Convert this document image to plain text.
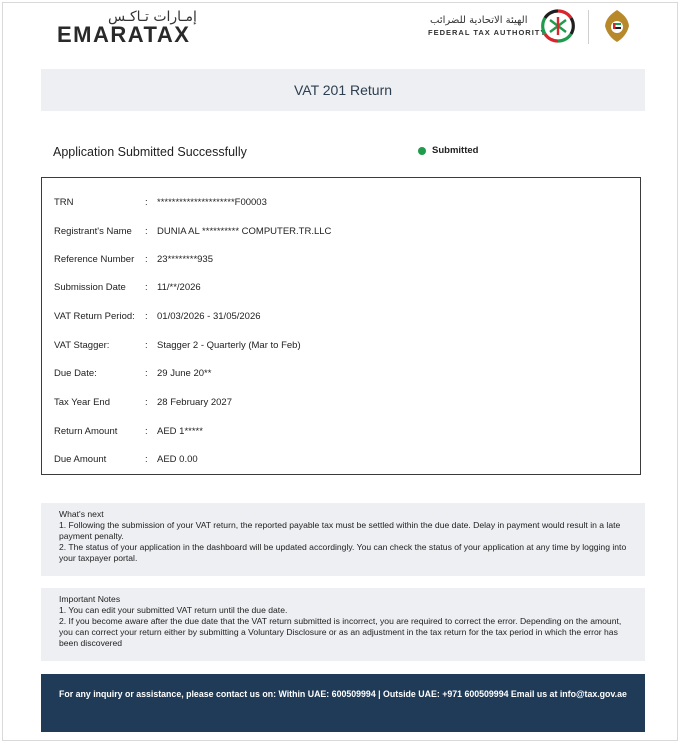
إمـارات تـاكـس
EMARATAX
الهيئة الاتحادية للضرائب
FEDERAL TAX AUTHORITY
VAT 201 Return
Application Submitted Successfully	Submitted
TRN	: *********************F00003
Registrant's Name : DUNIA AL ********** COMPUTER.TR.LLC
Reference Number : 23********935
Submission Date : 11/**/2026
VAT Return Period: : 01/03/2026 - 31/05/2026
VAT Stagger:	: Stagger 2 - Quarterly (Mar to Feb)
Due Date:	: 29 June 20**
Tax Year End	: 28 February 2027
Return Amount	: AED 1*****
Due Amount	: AED 0.00
What's next
1. Following the submission of your VAT return, the reported payable tax must be settled within the due date. Delay in payment would result in a late payment penalty.
2. The status of your application in the dashboard will be updated accordingly. You can check the status of your application at any time by logging into your taxpayer portal.
Important Notes
1. You can edit your submitted VAT return until the due date.
2. If you become aware after the due date that the VAT return submitted is incorrect, you are required to correct the error. Depending on the amount, you can correct your return either by submitting a Voluntary Disclosure or as an adjustment in the tax return for the tax period in which the error has been discovered
For any inquiry or assistance, please contact us on: Within UAE: 600509994 | Outside UAE: +971 600509994 Email us at info@tax.gov.ae
